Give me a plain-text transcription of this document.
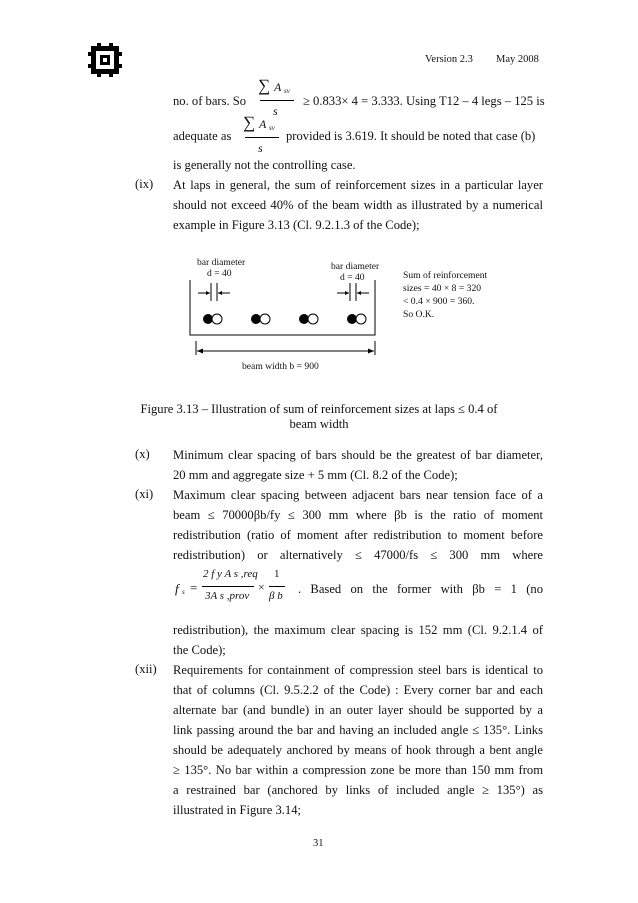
Version 2.3 May 2008
no. of bars. So
∑ A sv
s
≥ 0.833× 4 = 3.333. Using T12 – 4 legs – 125 is
adequate as
∑ A sv
s
provided is 3.619. It should be noted that case (b)
is generally not the controlling case.
(ix) At laps in general, the sum of reinforcement sizes in a particular layer
should not exceed 40% of the beam width as illustrated by a numerical
example in Figure 3.13 (Cl. 9.2.1.3 of the Code);
bar diameter
d = 40
bar diameter
d = 40	Sum of reinforcement
sizes = 40 × 8 = 320
< 0.4 × 900 = 360.
So O.K.
beam width b = 900
Figure 3.13 – Illustration of sum of reinforcement sizes at laps ≤ 0.4 of
beam width
(x) Minimum clear spacing of bars should be the greatest of bar diameter,
20 mm and aggregate size + 5 mm (Cl. 8.2 of the Code);
(xi) Maximum clear spacing between adjacent bars near tension face of a
beam ≤ 70000βb/fy ≤ 300 mm where βb is the ratio of moment
redistribution (ratio of moment after redistribution to moment before
redistribution) or alternatively ≤ 47000/fs ≤ 300 mm where
f s =
2 f y A s ,req
3A s ,prov
×
1
β b . Based on the former with βb = 1 (no
redistribution), the maximum clear spacing is 152 mm (Cl. 9.2.1.4 of
the Code);
(xii) Requirements for containment of compression steel bars is identical to
that of columns (Cl. 9.5.2.2 of the Code) : Every corner bar and each
alternate bar (and bundle) in an outer layer should be supported by a
link passing around the bar and having an included angle ≤ 135°. Links
should be adequately anchored by means of hook through a bent angle
≥ 135°. No bar within a compression zone be more than 150 mm from
a restrained bar (anchored by links of included angle ≥ 135°) as
illustrated in Figure 3.14;
31
